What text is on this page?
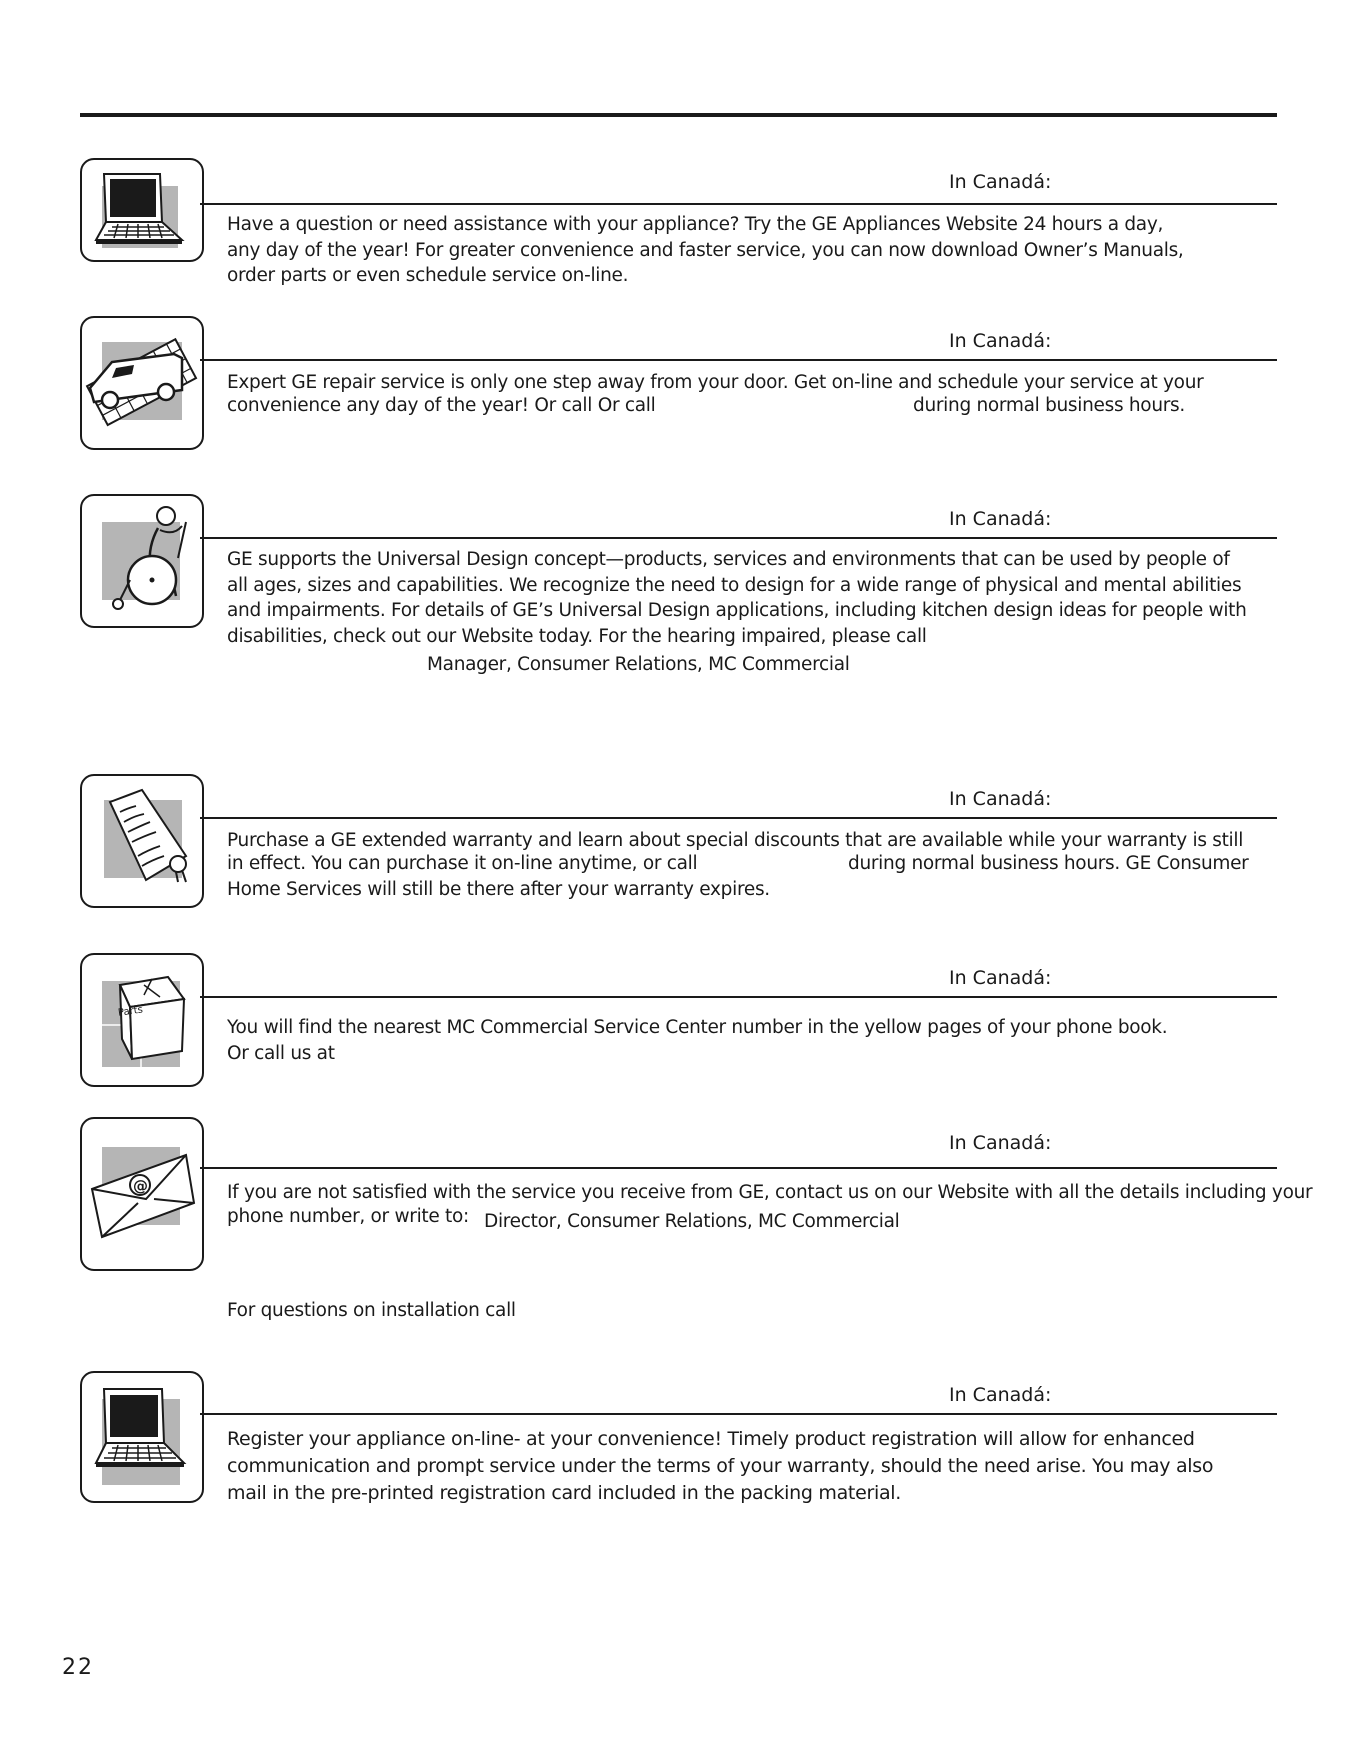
In Canadá:
Have a question or need assistance with your appliance? Try the GE Appliances Website 24 hours a day,
any day of the year! For greater convenience and faster service, you can now download Owner’s Manuals,
order parts or even schedule service on-line.
In Canadá:
Expert GE repair service is only one step away from your door. Get on-line and schedule your service at your
convenience any day of the year! Or call Or call	during normal business hours.
In Canadá:
GE supports the Universal Design concept—products, services and environments that can be used by people of
all ages, sizes and capabilities. We recognize the need to design for a wide range of physical and mental abilities
and impairments. For details of GE’s Universal Design applications, including kitchen design ideas for people with
disabilities, check out our Website today. For the hearing impaired, please call
Manager, Consumer Relations, MC Commercial
In Canadá:
Purchase a GE extended warranty and learn about special discounts that are available while your warranty is still
in effect. You can purchase it on-line anytime, or call	during normal business hours. GE Consumer
Home Services will still be there after your warranty expires.
Parts
In Canadá:
You will find the nearest MC Commercial Service Center number in the yellow pages of your phone book.
Or call us at
@
In Canadá:
If you are not satisfied with the service you receive from GE, contact us on our Website with all the details including your
phone number, or write to: Director, Consumer Relations, MC Commercial
For questions on installation call
In Canadá:
Register your appliance on-line- at your convenience! Timely product registration will allow for enhanced
communication and prompt service under the terms of your warranty, should the need arise. You may also
mail in the pre-printed registration card included in the packing material.
22
